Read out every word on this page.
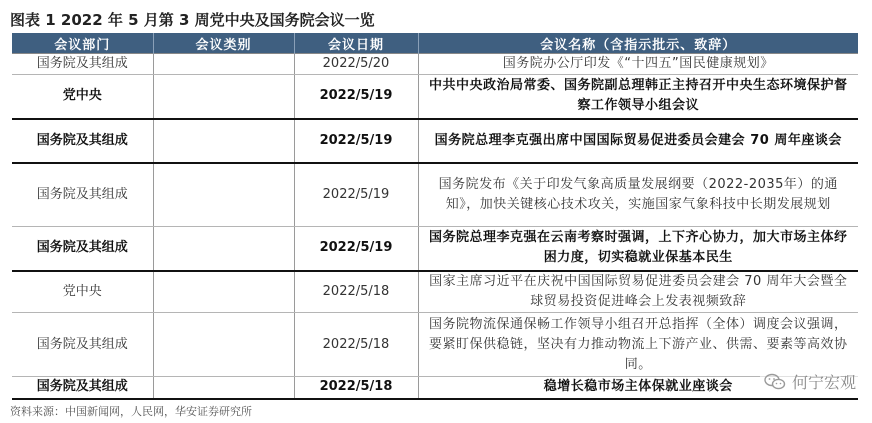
图表 1 2022 年 5 月第 3 周党中央及国务院会议一览
会议部门	会议类别	会议日期	会议名称（含指示批示、致辞）
国务院及其组成		2022/5/20	国务院办公厅印发《“十四五”国民健康规划》
党中央		2022/5/19	中共中央政治局常委、国务院副总理韩正主持召开中央生态环境保护督察工作领导小组会议
国务院及其组成		2022/5/19	国务院总理李克强出席中国国际贸易促进委员会建会 70 周年座谈会
国务院及其组成		2022/5/19	国务院发布《关于印发气象高质量发展纲要（2022-2035年）的通知》，加快关键核心技术攻关，实施国家气象科技中长期发展规划
国务院及其组成		2022/5/19	国务院总理李克强在云南考察时强调，上下齐心协力，加大市场主体纾困力度，切实稳就业保基本民生
党中央		2022/5/18	国家主席习近平在庆祝中国国际贸易促进委员会建会 70 周年大会暨全球贸易投资促进峰会上发表视频致辞
国务院及其组成		2022/5/18	国务院物流保通保畅工作领导小组召开总指挥（全体）调度会议强调，要紧盯保供稳链，坚决有力推动物流上下游产业、供需、要素等高效协同。
国务院及其组成		2022/5/18	稳增长稳市场主体保就业座谈会
资料来源：中国新闻网，人民网，华安证券研究所
何宁宏观
